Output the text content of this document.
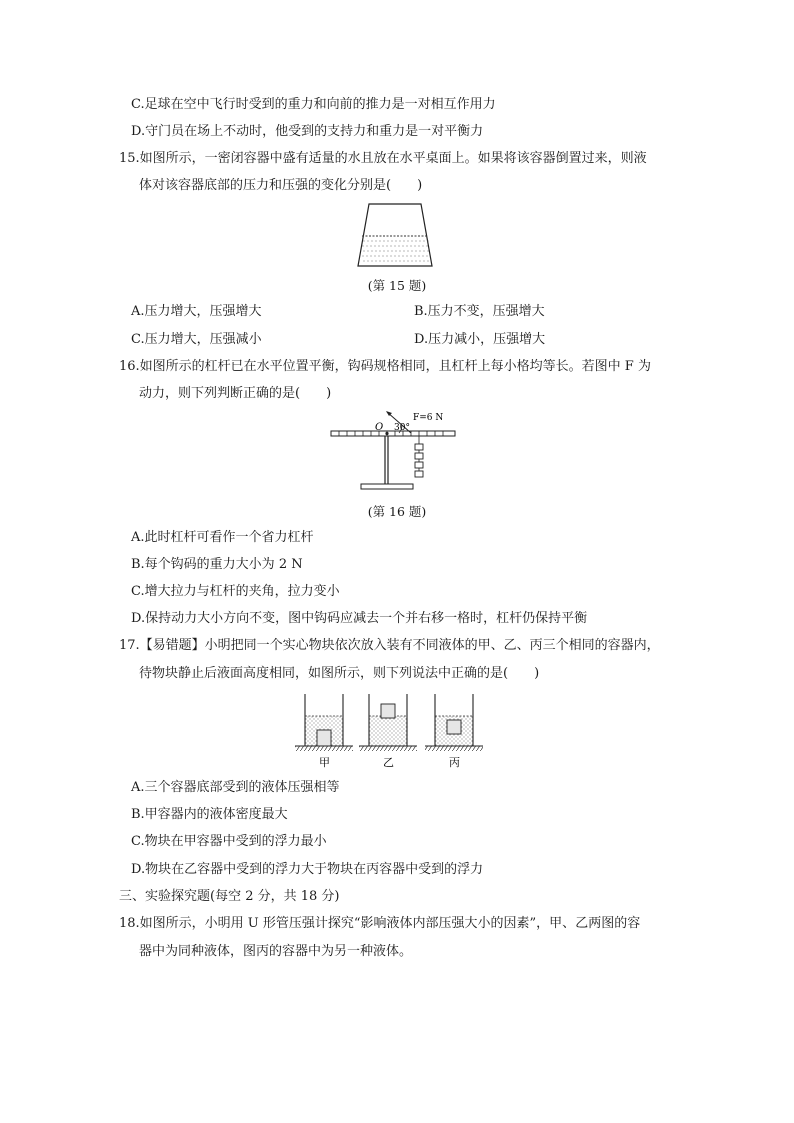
C.足球在空中飞行时受到的重力和向前的推力是一对相互作用力
D.守门员在场上不动时，他受到的支持力和重力是一对平衡力
15.如图所示，一密闭容器中盛有适量的水且放在水平桌面上。如果将该容器倒置过来，则液
体对该容器底部的压力和压强的变化分别是(　　)
(第 15 题)
A.压力增大，压强增大	B.压力不变，压强增大
C.压力增大，压强减小	D.压力减小，压强增大
16.如图所示的杠杆已在水平位置平衡，钩码规格相同，且杠杆上每小格均等长。若图中 F 为
动力，则下列判断正确的是(　　)
O 30°
F=6 N
(第 16 题)
A.此时杠杆可看作一个省力杠杆
B.每个钩码的重力大小为 2 N
C.增大拉力与杠杆的夹角，拉力变小
D.保持动力大小方向不变，图中钩码应减去一个并右移一格时，杠杆仍保持平衡
17.【易错题】小明把同一个实心物块依次放入装有不同液体的甲、乙、丙三个相同的容器内，
待物块静止后液面高度相同，如图所示，则下列说法中正确的是(　　)
甲	乙	丙
A.三个容器底部受到的液体压强相等
B.甲容器内的液体密度最大
C.物块在甲容器中受到的浮力最小
D.物块在乙容器中受到的浮力大于物块在丙容器中受到的浮力
三、实验探究题(每空 2 分，共 18 分)
18.如图所示，小明用 U 形管压强计探究“影响液体内部压强大小的因素”，甲、乙两图的容
器中为同种液体，图丙的容器中为另一种液体。
